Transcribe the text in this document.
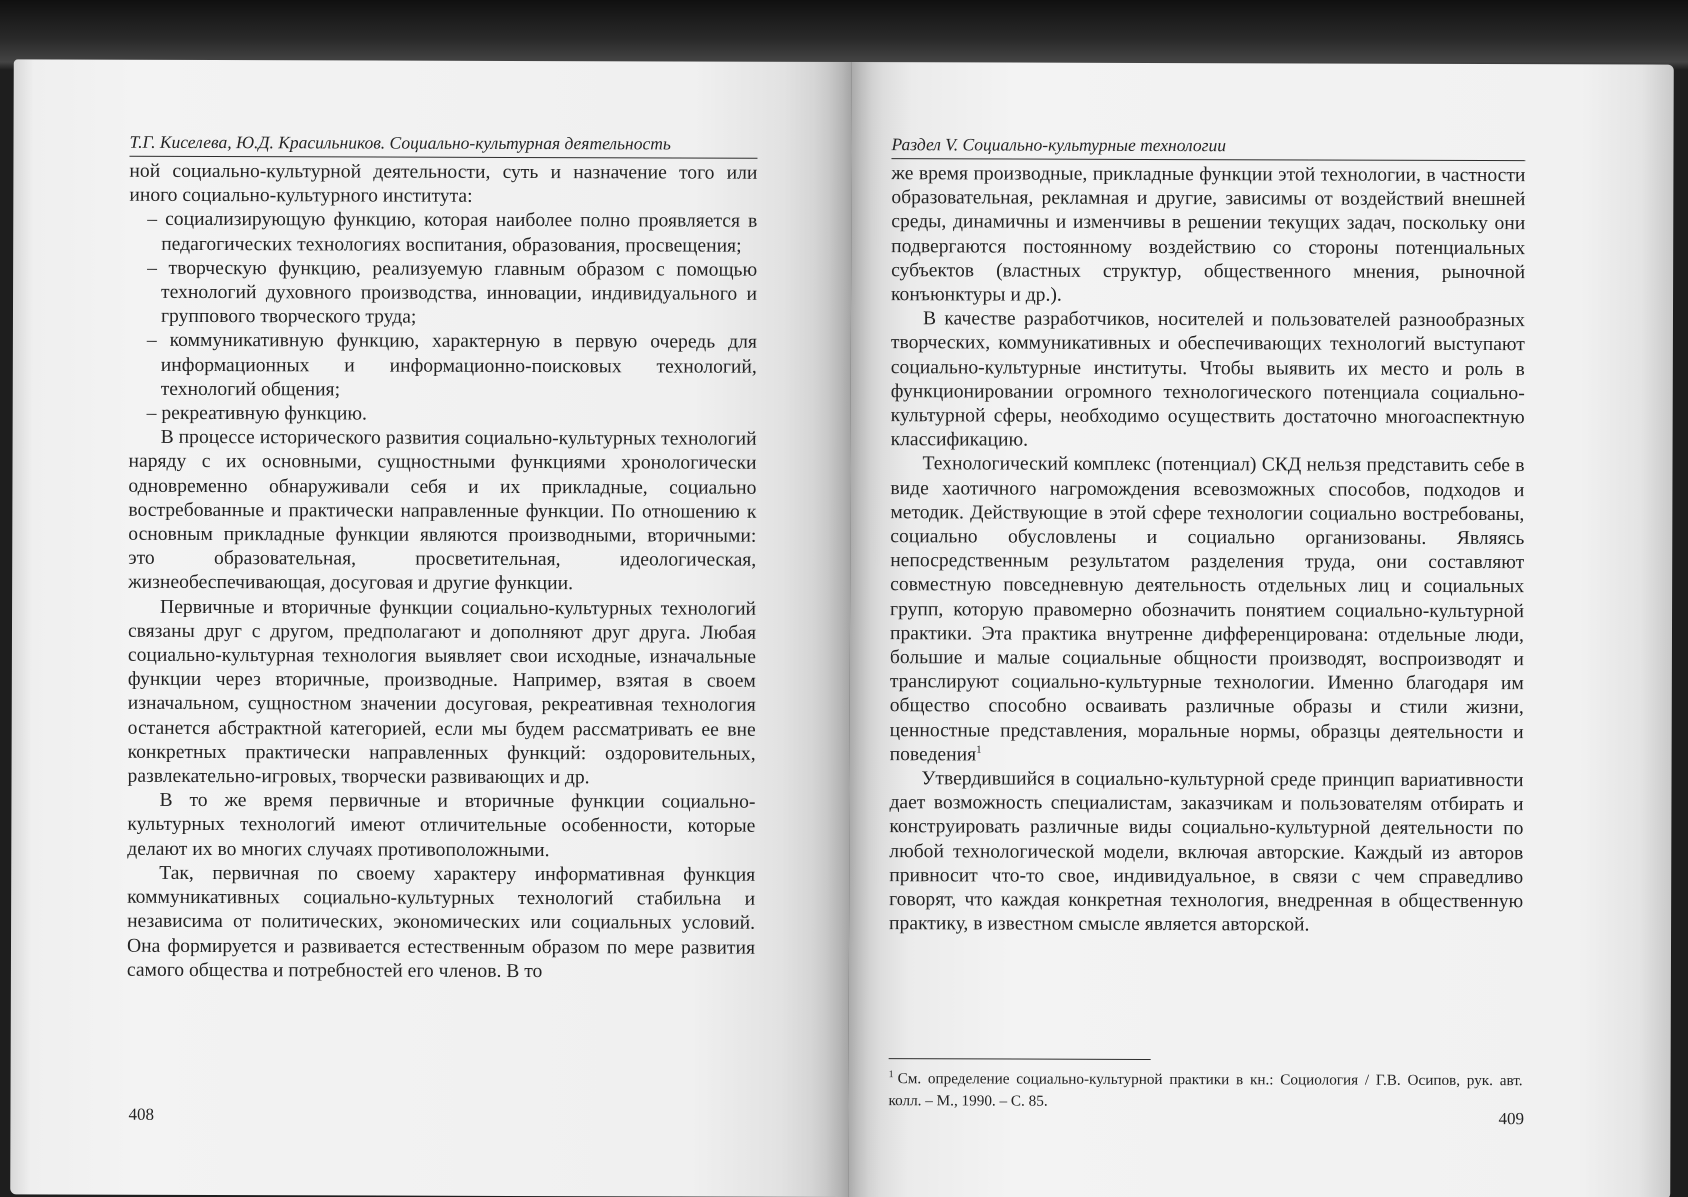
Т.Г. Киселева, Ю.Д. Красильников. Социально-культурная деятельность

ной социально-культурной деятельности, суть и назначение того или иного социально-культурного института:

– социализирующую функцию, которая наиболее полно проявляется в педагогических технологиях воспитания, образования, просвещения;

– творческую функцию, реализуемую главным образом с помощью технологий духовного производства, инновации, индивидуального и группового творческого труда;

– коммуникативную функцию, характерную в первую очередь для информационных и информационно-поисковых технологий, технологий общения;

– рекреативную функцию.

В процессе исторического развития социально-культурных технологий наряду с их основными, сущностными функциями хронологически одновременно обнаруживали себя и их прикладные, социально востребованные и практически направленные функции. По отношению к основным прикладные функции являются производными, вторичными: это образовательная, просветительная, идеологическая, жизнеобеспечивающая, досуговая и другие функции.

Первичные и вторичные функции социально-культурных технологий связаны друг с другом, предполагают и дополняют друг друга. Любая социально-культурная технология выявляет свои исходные, изначальные функции через вторичные, производные. Например, взятая в своем изначальном, сущностном значении досуговая, рекреативная технология останется абстрактной категорией, если мы будем рассматривать ее вне конкретных практически направленных функций: оздоровительных, развлекательно-игровых, творчески развивающих и др.

В то же время первичные и вторичные функции социально-культурных технологий имеют отличительные особенности, которые делают их во многих случаях противоположными.

Так, первичная по своему характеру информативная функция коммуникативных социально-культурных технологий стабильна и независима от политических, экономических или социальных условий. Она формируется и развивается естественным образом по мере развития самого общества и потребностей его членов. В то

408
Раздел V. Социально-культурные технологии

же время производные, прикладные функции этой технологии, в частности образовательная, рекламная и другие, зависимы от воздействий внешней среды, динамичны и изменчивы в решении текущих задач, поскольку они подвергаются постоянному воздействию со стороны потенциальных субъектов (властных структур, общественного мнения, рыночной конъюнктуры и др.).

В качестве разработчиков, носителей и пользователей разнообразных творческих, коммуникативных и обеспечивающих технологий выступают социально-культурные институты. Чтобы выявить их место и роль в функционировании огромного технологического потенциала социально-культурной сферы, необходимо осуществить достаточно многоаспектную классификацию.

Технологический комплекс (потенциал) СКД нельзя представить себе в виде хаотичного нагромождения всевозможных способов, подходов и методик. Действующие в этой сфере технологии социально востребованы, социально обусловлены и социально организованы. Являясь непосредственным результатом разделения труда, они составляют совместную повседневную деятельность отдельных лиц и социальных групп, которую правомерно обозначить понятием социально-культурной практики. Эта практика внутренне дифференцирована: отдельные люди, большие и малые социальные общности производят, воспроизводят и транслируют социально-культурные технологии. Именно благодаря им общество способно осваивать различные образы и стили жизни, ценностные представления, моральные нормы, образцы деятельности и поведения$^1$

Утвердившийся в социально-культурной среде принцип вариативности дает возможность специалистам, заказчикам и пользователям отбирать и конструировать различные виды социально-культурной деятельности по любой технологической модели, включая авторские. Каждый из авторов привносит что-то свое, индивидуальное, в связи с чем справедливо говорят, что каждая конкретная технология, внедренная в общественную практику, в известном смысле является авторской.

$^1$ См. определение социально-культурной практики в кн.: Социология / Г.В. Осипов, рук. авт. колл. – М., 1990. – С. 85.
409
